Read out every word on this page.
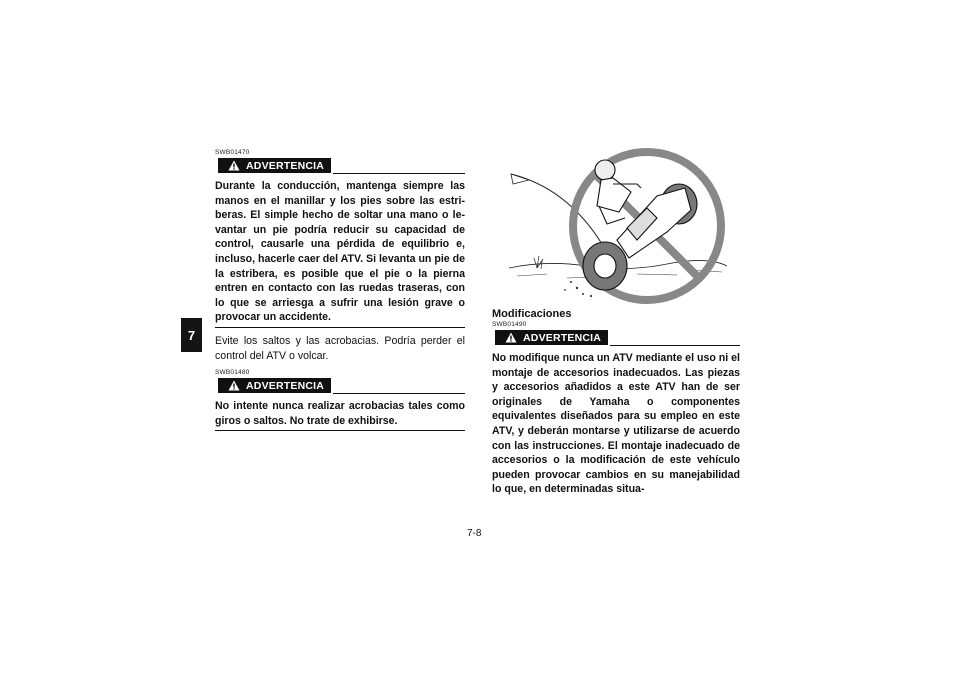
7

SWB01470

ADVERTENCIA

Durante la conducción, mantenga siempre las manos en el manillar y los pies sobre las estriberas. El simple hecho de soltar una mano o levantar un pie podría reducir su capacidad de control, causarle una pérdida de equilibrio e, incluso, hacerle caer del ATV. Si levanta un pie de la estribera, es posible que el pie o la pierna entren en contacto con las ruedas traseras, con lo que se arriesga a sufrir una lesión grave o provocar un accidente.

Evite los saltos y las acrobacias. Podría perder el control del ATV o volcar.

SWB01480

ADVERTENCIA

No intente nunca realizar acrobacias tales como giros o saltos. No trate de exhibirse.

Modificaciones

SWB01490

ADVERTENCIA

No modifique nunca un ATV mediante el uso ni el montaje de accesorios inadecuados. Las piezas y accesorios añadidos a este ATV han de ser originales de Yamaha o componentes equivalentes diseñados para su empleo en este ATV, y deberán montarse y utilizarse de acuerdo con las instrucciones. El montaje inadecuado de accesorios o la modificación de este vehículo pueden provocar cambios en su manejabilidad lo que, en determinadas situa-

7-8
